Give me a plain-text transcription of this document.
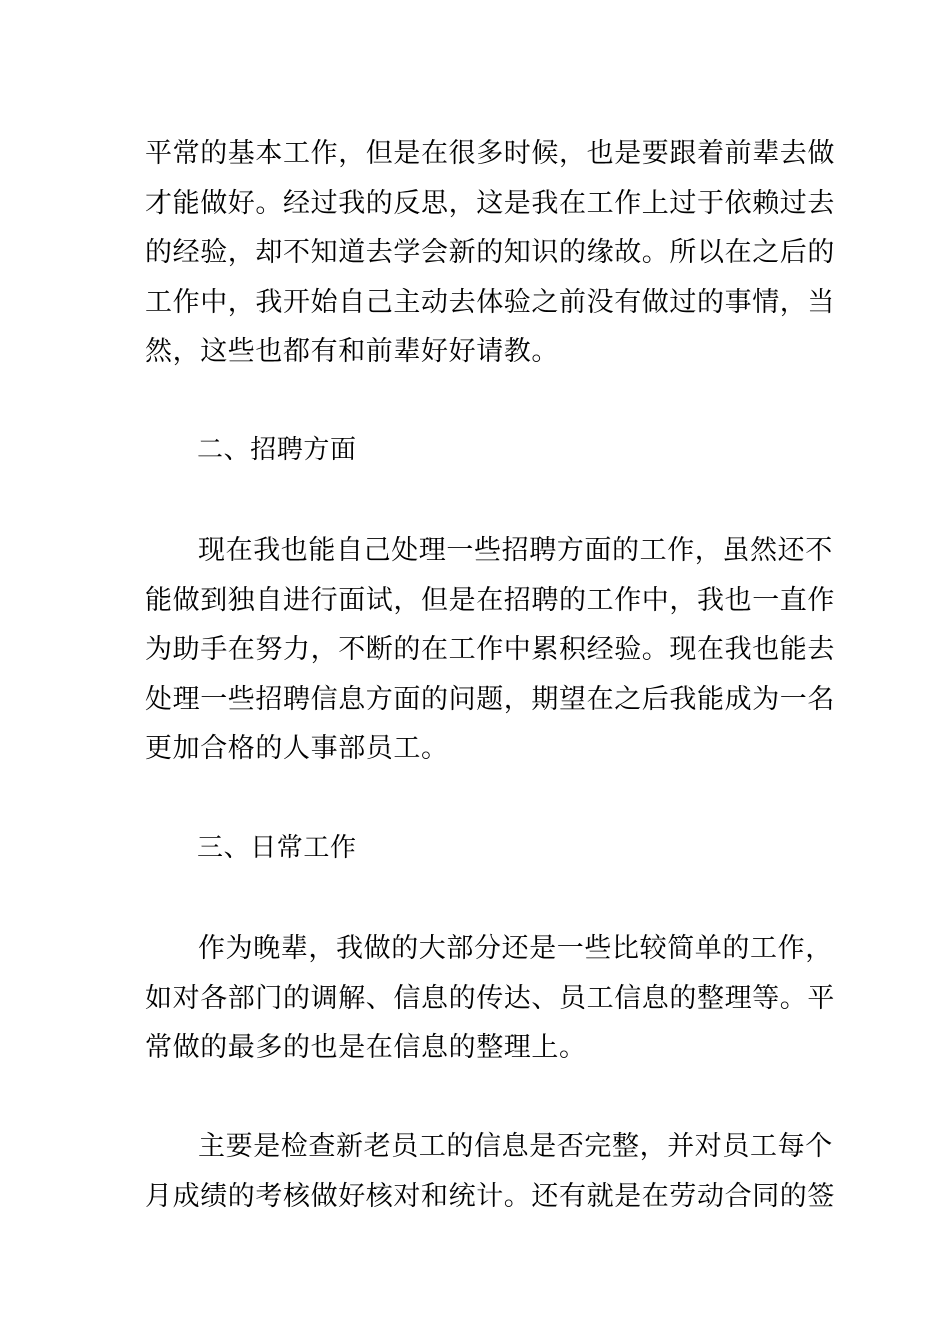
平常的基本工作，但是在很多时候，也是要跟着前辈去做
才能做好。经过我的反思，这是我在工作上过于依赖过去
的经验，却不知道去学会新的知识的缘故。所以在之后的
工作中，我开始自己主动去体验之前没有做过的事情，当
然，这些也都有和前辈好好请教。
二、招聘方面
现在我也能自己处理一些招聘方面的工作，虽然还不
能做到独自进行面试，但是在招聘的工作中，我也一直作
为助手在努力，不断的在工作中累积经验。现在我也能去
处理一些招聘信息方面的问题，期望在之后我能成为一名
更加合格的人事部员工。
三、日常工作
作为晚辈，我做的大部分还是一些比较简单的工作，
如对各部门的调解、信息的传达、员工信息的整理等。平
常做的最多的也是在信息的整理上。
主要是检查新老员工的信息是否完整，并对员工每个
月成绩的考核做好核对和统计。还有就是在劳动合同的签
